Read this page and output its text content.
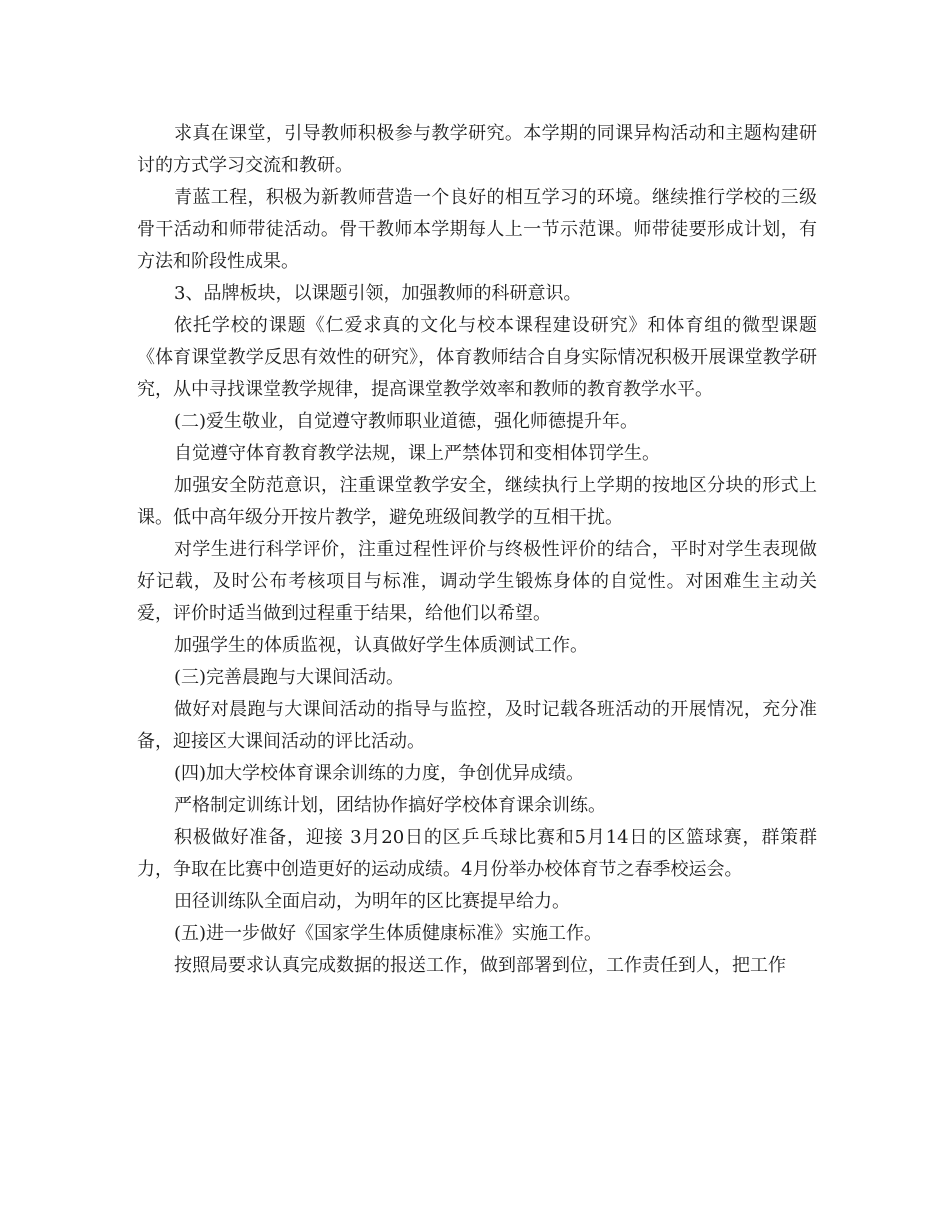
求真在课堂，引导教师积极参与教学研究。本学期的同课异构活动和主题构建研讨的方式学习交流和教研。

青蓝工程，积极为新教师营造一个良好的相互学习的环境。继续推行学校的三级骨干活动和师带徒活动。骨干教师本学期每人上一节示范课。师带徒要形成计划，有方法和阶段性成果。

3、品牌板块，以课题引领，加强教师的科研意识。

依托学校的课题《仁爱求真的文化与校本课程建设研究》和体育组的微型课题《体育课堂教学反思有效性的研究》，体育教师结合自身实际情况积极开展课堂教学研究，从中寻找课堂教学规律，提高课堂教学效率和教师的教育教学水平。

(二)爱生敬业，自觉遵守教师职业道德，强化师德提升年。

自觉遵守体育教育教学法规，课上严禁体罚和变相体罚学生。

加强安全防范意识，注重课堂教学安全，继续执行上学期的按地区分块的形式上课。低中高年级分开按片教学，避免班级间教学的互相干扰。

对学生进行科学评价，注重过程性评价与终极性评价的结合，平时对学生表现做好记载，及时公布考核项目与标准，调动学生锻炼身体的自觉性。对困难生主动关爱，评价时适当做到过程重于结果，给他们以希望。

加强学生的体质监视，认真做好学生体质测试工作。

(三)完善晨跑与大课间活动。

做好对晨跑与大课间活动的指导与监控，及时记载各班活动的开展情况，充分准备，迎接区大课间活动的评比活动。

(四)加大学校体育课余训练的力度，争创优异成绩。

严格制定训练计划，团结协作搞好学校体育课余训练。

积极做好准备，迎接 3月20日的区乒乓球比赛和5月14日的区篮球赛，群策群力，争取在比赛中创造更好的运动成绩。4月份举办校体育节之春季校运会。

田径训练队全面启动，为明年的区比赛提早给力。

(五)进一步做好《国家学生体质健康标准》实施工作。

按照局要求认真完成数据的报送工作，做到部署到位，工作责任到人，把工作
